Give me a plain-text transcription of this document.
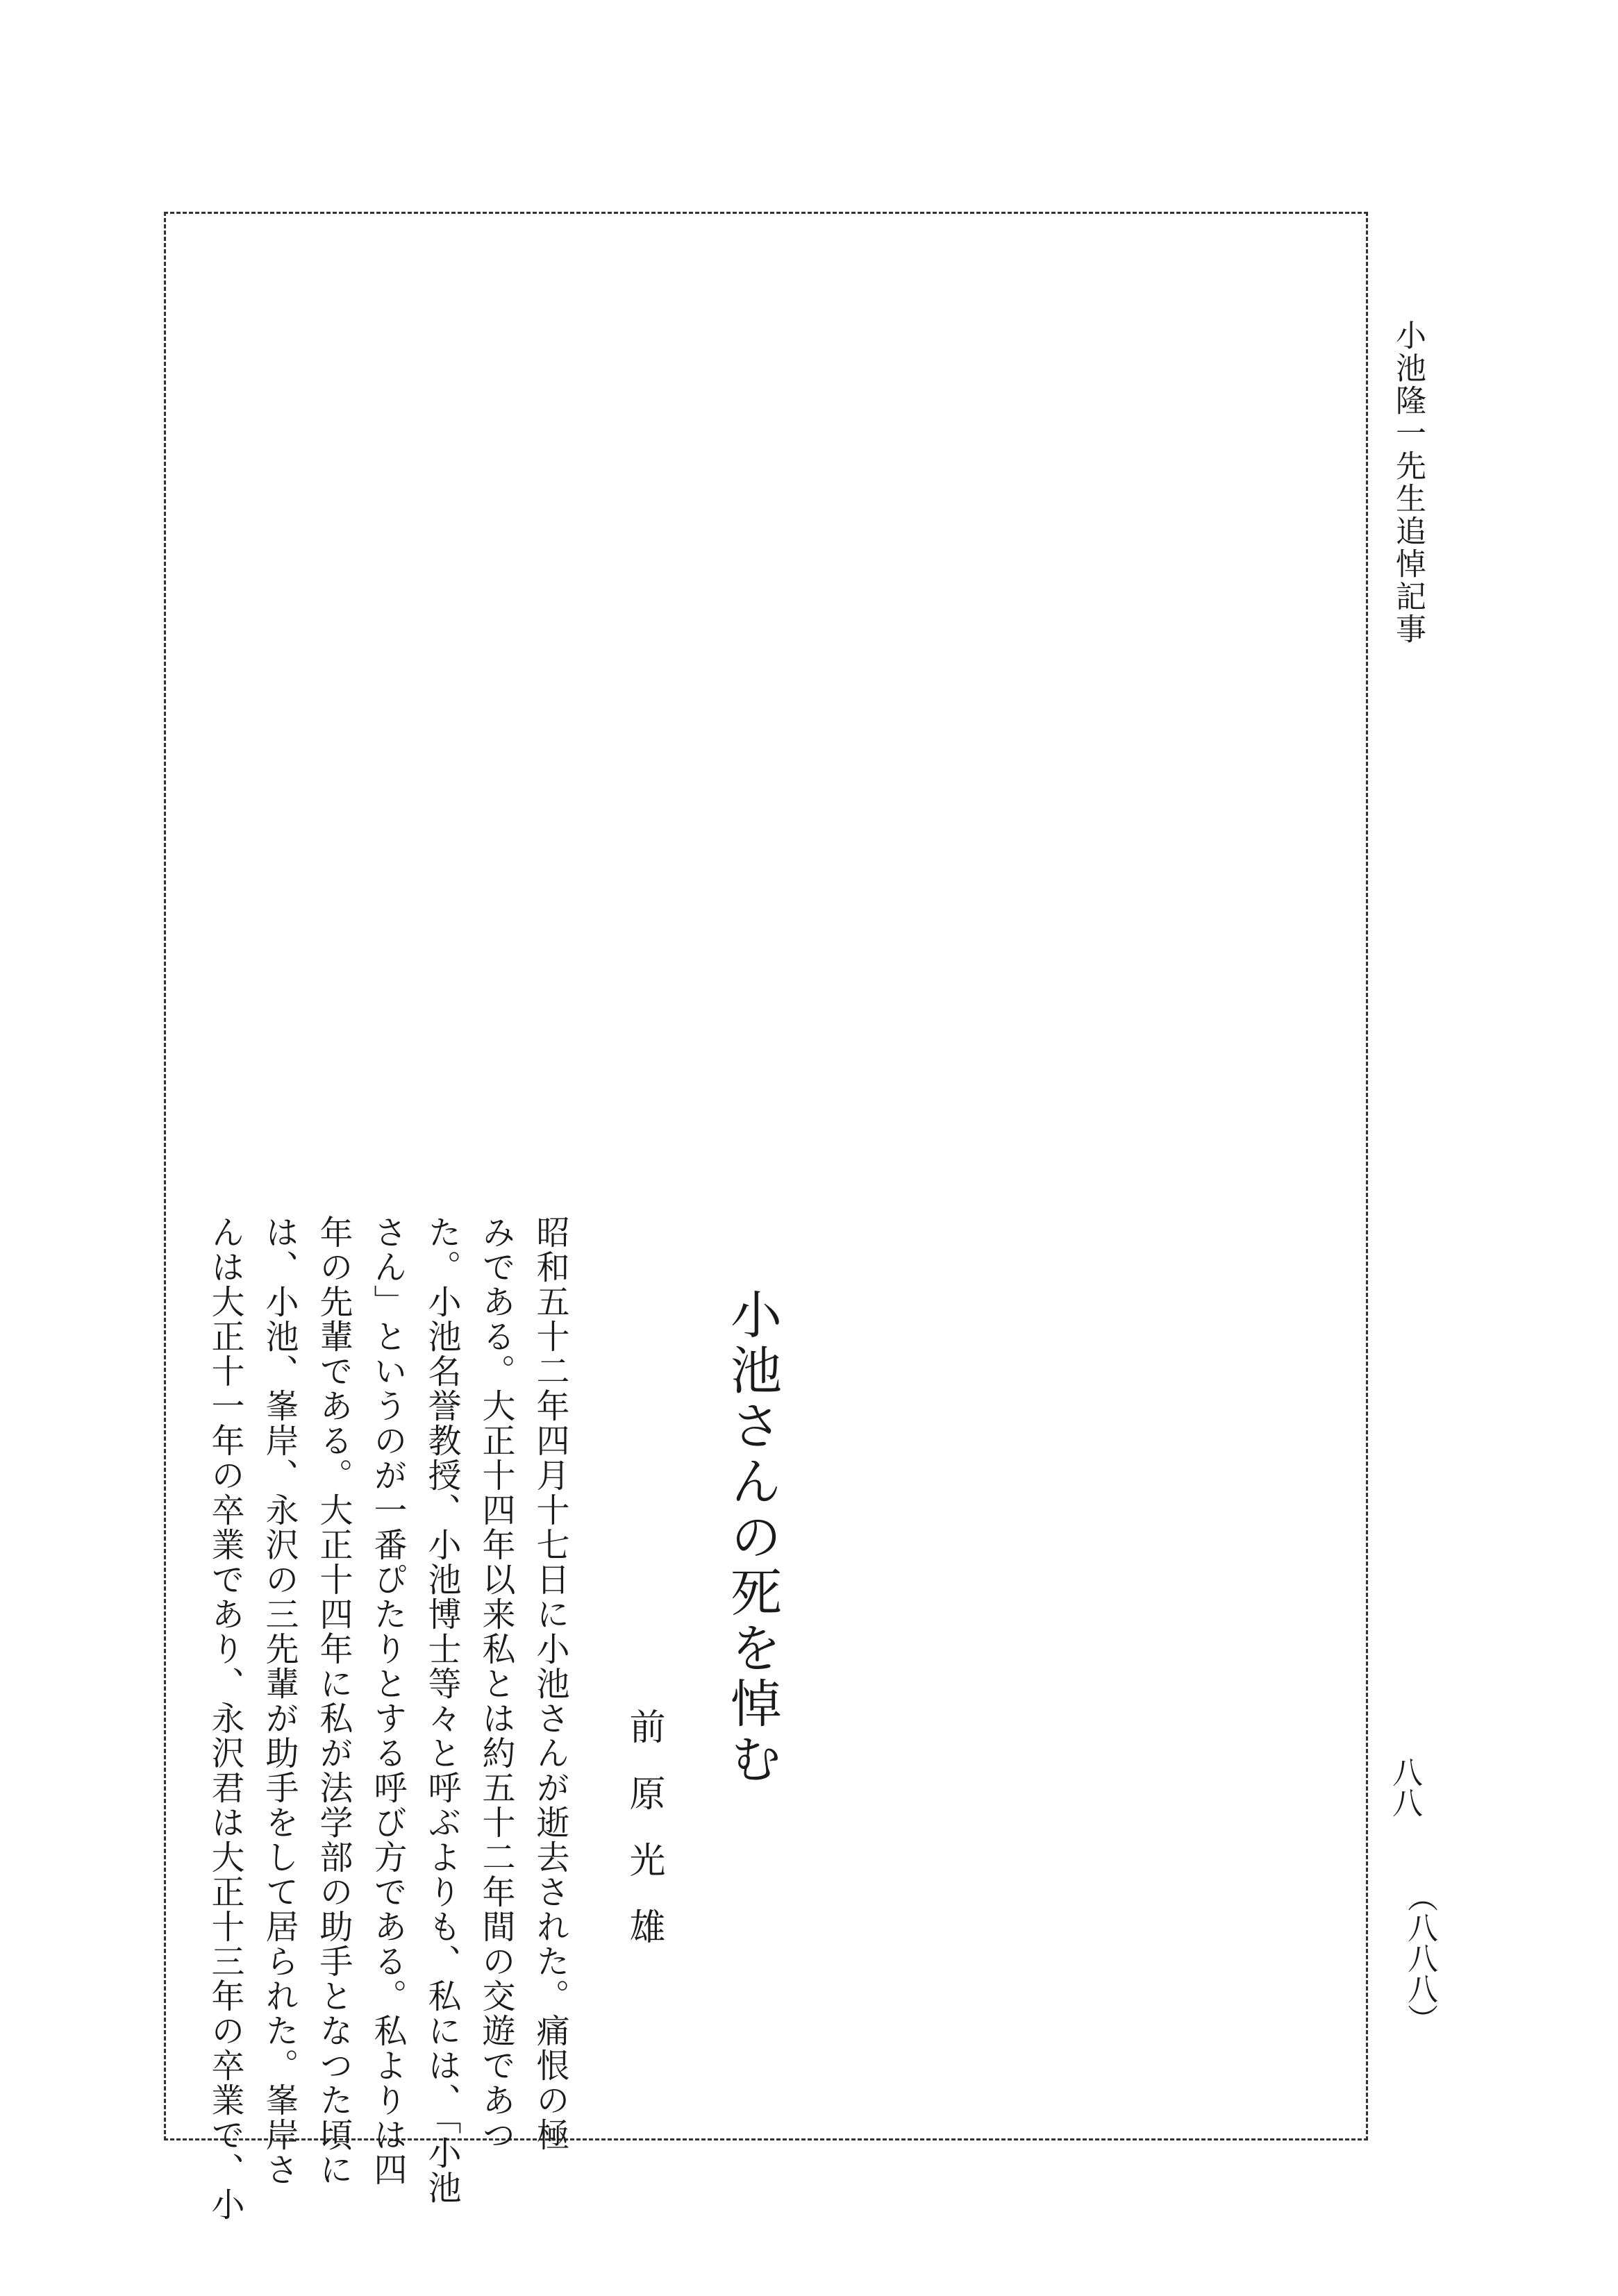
小池隆一先生追悼記事
八八
（八八八）
小池さんの死を悼む
前原光雄
昭和五十二年四月十七日に小池さんが逝去された。痛恨の極
みである。大正十四年以来私とは約五十二年間の交遊であつ
た。小池名誉教授、小池博士等々と呼ぶよりも、私には、「小池
さん」というのが一番ぴたりとする呼び方である。私よりは四
年の先輩である。大正十四年に私が法学部の助手となつた頃に
は、小池、峯岸、永沢の三先輩が助手をして居られた。峯岸さ
んは大正十一年の卒業であり、永沢君は大正十三年の卒業で、小
